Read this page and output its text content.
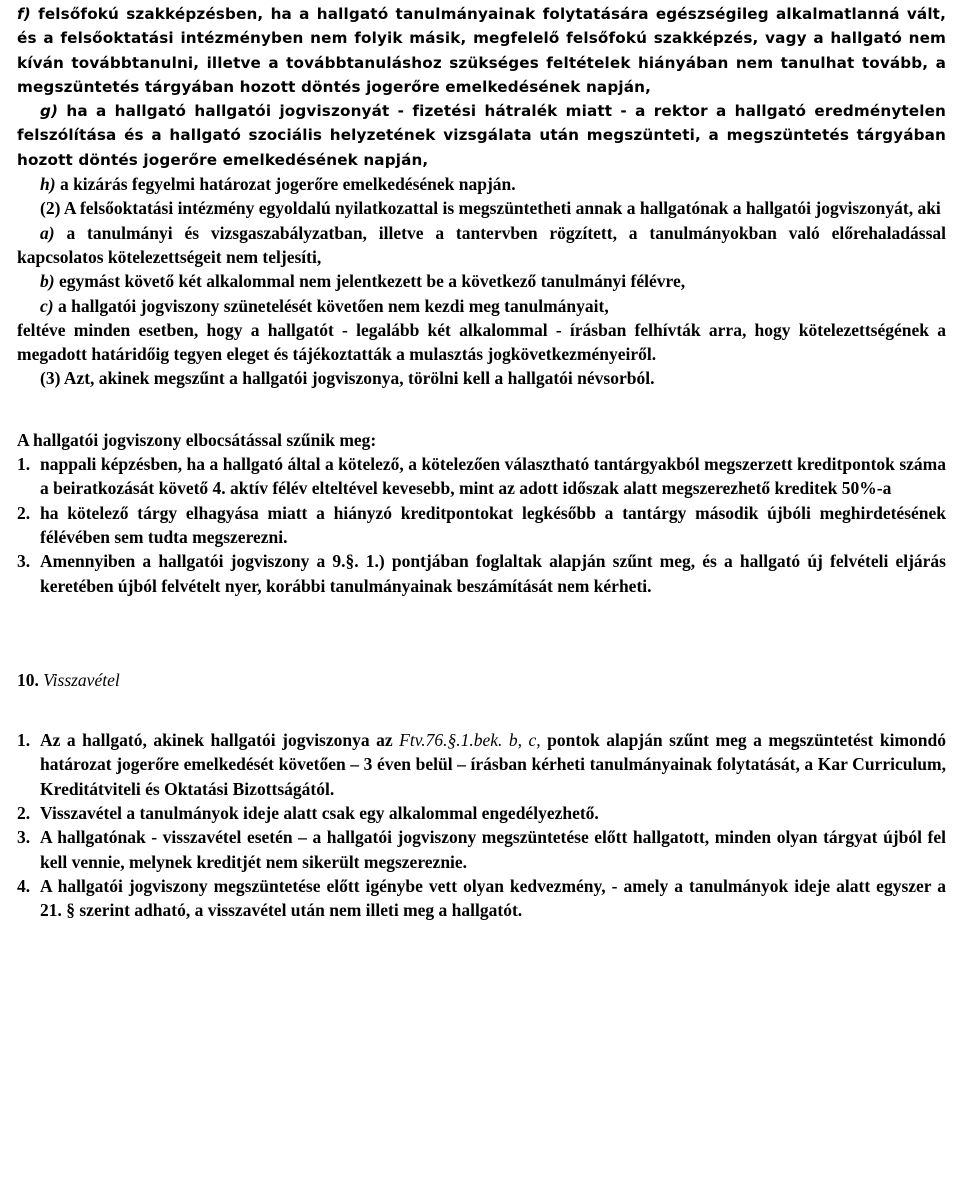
f) felsőfokú szakképzésben, ha a hallgató tanulmányainak folytatására egészségileg alkalmatlanná vált, és a felsőoktatási intézményben nem folyik másik, megfelelő felsőfokú szakképzés, vagy a hallgató nem kíván továbbtanulni, illetve a továbbtanuláshoz szükséges feltételek hiányában nem tanulhat tovább, a megszüntetés tárgyában hozott döntés jogerőre emelkedésének napján,

g) ha a hallgató hallgatói jogviszonyát - fizetési hátralék miatt - a rektor a hallgató eredménytelen felszólítása és a hallgató szociális helyzetének vizsgálata után megszünteti, a megszüntetés tárgyában hozott döntés jogerőre emelkedésének napján,

h) a kizárás fegyelmi határozat jogerőre emelkedésének napján.

(2) A felsőoktatási intézmény egyoldalú nyilatkozattal is megszüntetheti annak a hallgatónak a hallgatói jogviszonyát, aki

a) a tanulmányi és vizsgaszabályzatban, illetve a tantervben rögzített, a tanulmányokban való előrehaladással kapcsolatos kötelezettségeit nem teljesíti,

b) egymást követő két alkalommal nem jelentkezett be a következő tanulmányi félévre,

c) a hallgatói jogviszony szünetelését követően nem kezdi meg tanulmányait,

feltéve minden esetben, hogy a hallgatót - legalább két alkalommal - írásban felhívták arra, hogy kötelezettségének a megadott határidőig tegyen eleget és tájékoztatták a mulasztás jogkövetkezményeiről.

(3) Azt, akinek megszűnt a hallgatói jogviszonya, törölni kell a hallgatói névsorból.

A hallgatói jogviszony elbocsátással szűnik meg:

1. nappali képzésben, ha a hallgató által a kötelező, a kötelezően választható tantárgyakból megszerzett kreditpontok száma a beiratkozását követő 4. aktív félév elteltével kevesebb, mint az adott időszak alatt megszerezhető kreditek 50%-a
2. ha kötelező tárgy elhagyása miatt a hiányzó kreditpontokat legkésőbb a tantárgy második újbóli meghirdetésének félévében sem tudta megszerezni.
3. Amennyiben a hallgatói jogviszony a 9.§. 1.) pontjában foglaltak alapján szűnt meg, és a hallgató új felvételi eljárás keretében újból felvételt nyer, korábbi tanulmányainak beszámítását nem kérheti.

10. Visszavétel

1. Az a hallgató, akinek hallgatói jogviszonya az Ftv.76.§.1.bek. b, c, pontok alapján szűnt meg a megszüntetést kimondó határozat jogerőre emelkedését követően – 3 éven belül – írásban kérheti tanulmányainak folytatását, a Kar Curriculum, Kreditátviteli és Oktatási Bizottságától.
2. Visszavétel a tanulmányok ideje alatt csak egy alkalommal engedélyezhető.
3. A hallgatónak - visszavétel esetén – a hallgatói jogviszony megszüntetése előtt hallgatott, minden olyan tárgyat újból fel kell vennie, melynek kreditjét nem sikerült megszereznie.
4. A hallgatói jogviszony megszüntetése előtt igénybe vett olyan kedvezmény, - amely a tanulmányok ideje alatt egyszer a 21. § szerint adható, a visszavétel után nem illeti meg a hallgatót.
